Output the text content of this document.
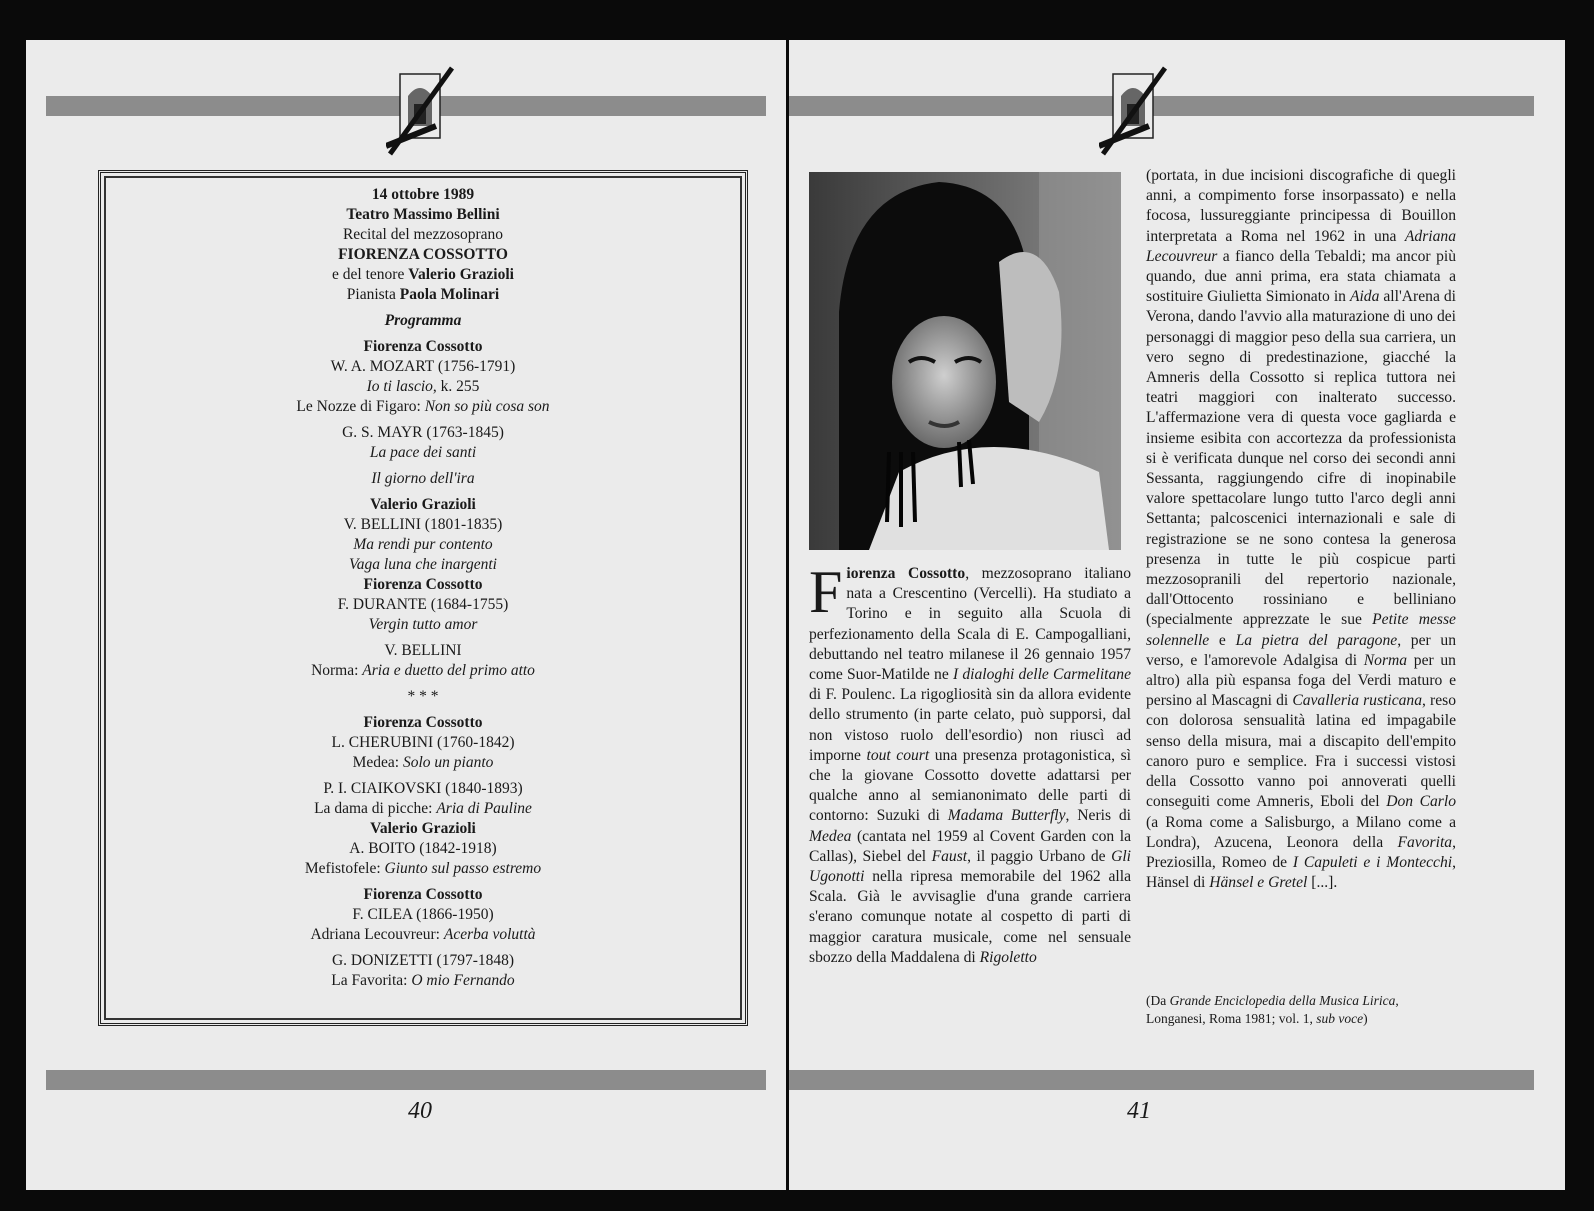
14 ottobre 1989
Teatro Massimo Bellini
Recital del mezzosoprano
FIORENZA COSSOTTO
e del tenore Valerio Grazioli
Pianista Paola Molinari
Programma
Fiorenza Cossotto
W. A. MOZART (1756-1791)
Io ti lascio, k. 255
Le Nozze di Figaro: Non so più cosa son
G. S. MAYR (1763-1845)
La pace dei santi
Il giorno dell'ira
Valerio Grazioli
V. BELLINI (1801-1835)
Ma rendi pur contento
Vaga luna che inargenti
Fiorenza Cossotto
F. DURANTE (1684-1755)
Vergin tutto amor
V. BELLINI
Norma: Aria e duetto del primo atto
* * *
Fiorenza Cossotto
L. CHERUBINI (1760-1842)
Medea: Solo un pianto
P. I. CIAIKOVSKI (1840-1893)
La dama di picche: Aria di Pauline
Valerio Grazioli
A. BOITO (1842-1918)
Mefistofele: Giunto sul passo estremo
Fiorenza Cossotto
F. CILEA (1866-1950)
Adriana Lecouvreur: Acerba voluttà
G. DONIZETTI (1797-1848)
La Favorita: O mio Fernando
40
Fiorenza Cossotto, mezzosoprano italiano nata a Crescentino (Vercelli). Ha studiato a Torino e in seguito alla Scuola di perfezionamento della Scala di E. Campogalliani, debuttando nel teatro milanese il 26 gennaio 1957 come Suor-Matilde ne I dialoghi delle Carmelitane di F. Poulenc. La rigogliosità sin da allora evidente dello strumento (in parte celato, può supporsi, dal non vistoso ruolo dell'esordio) non riuscì ad imporne tout court una presenza protagonistica, sì che la giovane Cossotto dovette adattarsi per qualche anno al semianonimato delle parti di contorno: Suzuki di Madama Butterfly, Neris di Medea (cantata nel 1959 al Covent Garden con la Callas), Siebel del Faust, il paggio Urbano de Gli Ugonotti nella ripresa memorabile del 1962 alla Scala. Già le avvisaglie d'una grande carriera s'erano comunque notate al cospetto di parti di maggior caratura musicale, come nel sensuale sbozzo della Maddalena di Rigoletto
(portata, in due incisioni discografiche di quegli anni, a compimento forse insorpassato) e nella focosa, lussureggiante principessa di Bouillon interpretata a Roma nel 1962 in una Adriana Lecouvreur a fianco della Tebaldi; ma ancor più quando, due anni prima, era stata chiamata a sostituire Giulietta Simionato in Aida all'Arena di Verona, dando l'avvio alla maturazione di uno dei personaggi di maggior peso della sua carriera, un vero segno di predestinazione, giacché la Amneris della Cossotto si replica tuttora nei teatri maggiori con inalterato successo. L'affermazione vera di questa voce gagliarda e insieme esibita con accortezza da professionista si è verificata dunque nel corso dei secondi anni Sessanta, raggiungendo cifre di inopinabile valore spettacolare lungo tutto l'arco degli anni Settanta; palcoscenici internazionali e sale di registrazione se ne sono contesa la generosa presenza in tutte le più cospicue parti mezzosopranili del repertorio nazionale, dall'Ottocento rossiniano e belliniano (specialmente apprezzate le sue Petite messe solennelle e La pietra del paragone, per un verso, e l'amorevole Adalgisa di Norma per un altro) alla più espansa foga del Verdi maturo e persino al Mascagni di Cavalleria rusticana, reso con dolorosa sensualità latina ed impagabile senso della misura, mai a discapito dell'empito canoro puro e semplice. Fra i successi vistosi della Cossotto vanno poi annoverati quelli conseguiti come Amneris, Eboli del Don Carlo (a Roma come a Salisburgo, a Milano come a Londra), Azucena, Leonora della Favorita, Preziosilla, Romeo de I Capuleti e i Montecchi, Hänsel di Hänsel e Gretel [...].
(Da Grande Enciclopedia della Musica Lirica, Longanesi, Roma 1981; vol. 1, sub voce)
41
